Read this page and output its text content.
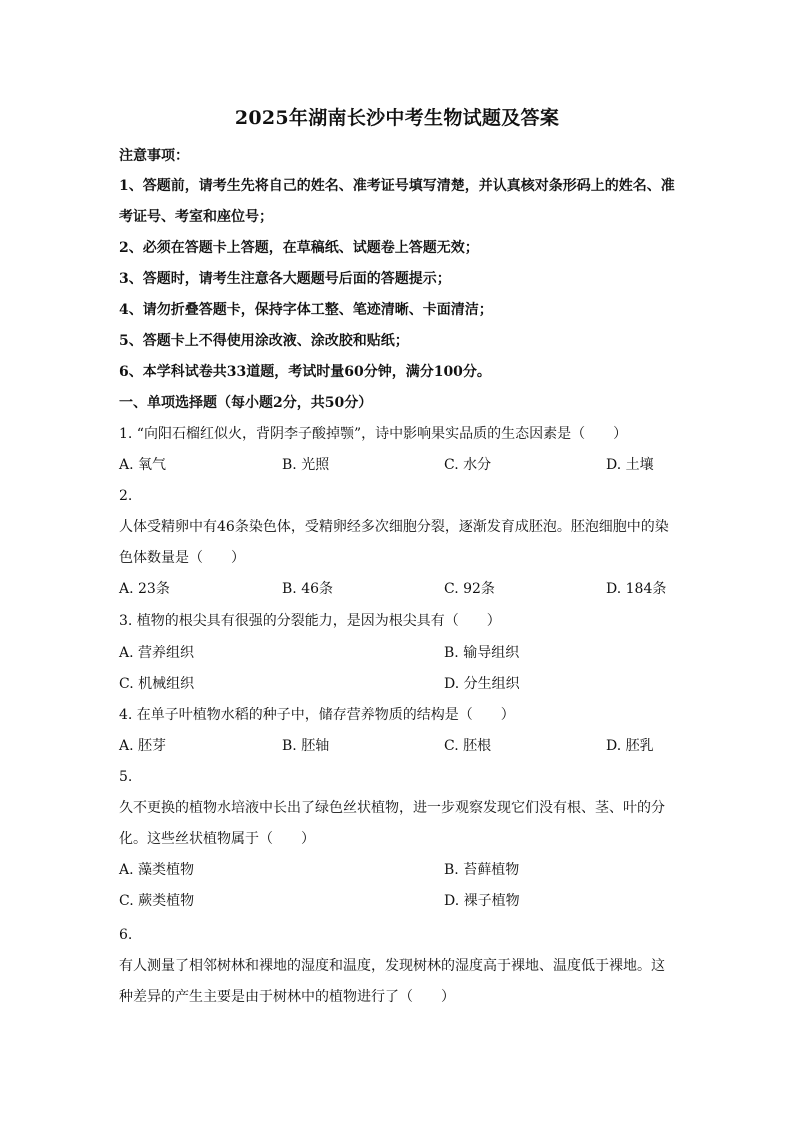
2025年湖南长沙中考生物试题及答案
注意事项：
1、答题前，请考生先将自己的姓名、准考证号填写清楚，并认真核对条形码上的姓名、准
考证号、考室和座位号；
2、必须在答题卡上答题，在草稿纸、试题卷上答题无效；
3、答题时，请考生注意各大题题号后面的答题提示；
4、请勿折叠答题卡，保持字体工整、笔迹清晰、卡面清洁；
5、答题卡上不得使用涂改液、涂改胶和贴纸；
6、本学科试卷共33道题，考试时量60分钟，满分100分。
一、单项选择题（每小题2分，共50分）
1. “向阳石榴红似火，背阴李子酸掉颚”，诗中影响果实品质的生态因素是（　　）
A. 氧气	B. 光照	C. 水分	D. 土壤
2.
人体受精卵中有46条染色体，受精卵经多次细胞分裂，逐渐发育成胚泡。胚泡细胞中的染
色体数量是（　　）
A. 23条	B. 46条	C. 92条	D. 184条
3. 植物的根尖具有很强的分裂能力，是因为根尖具有（　　）
A. 营养组织	B. 输导组织
C. 机械组织	D. 分生组织
4. 在单子叶植物水稻的种子中，储存营养物质的结构是（　　）
A. 胚芽	B. 胚轴	C. 胚根	D. 胚乳
5.
久不更换的植物水培液中长出了绿色丝状植物，进一步观察发现它们没有根、茎、叶的分
化。这些丝状植物属于（　　）
A. 藻类植物	B. 苔藓植物
C. 蕨类植物	D. 裸子植物
6.
有人测量了相邻树林和裸地的湿度和温度，发现树林的湿度高于裸地、温度低于裸地。这
种差异的产生主要是由于树林中的植物进行了（　　）
